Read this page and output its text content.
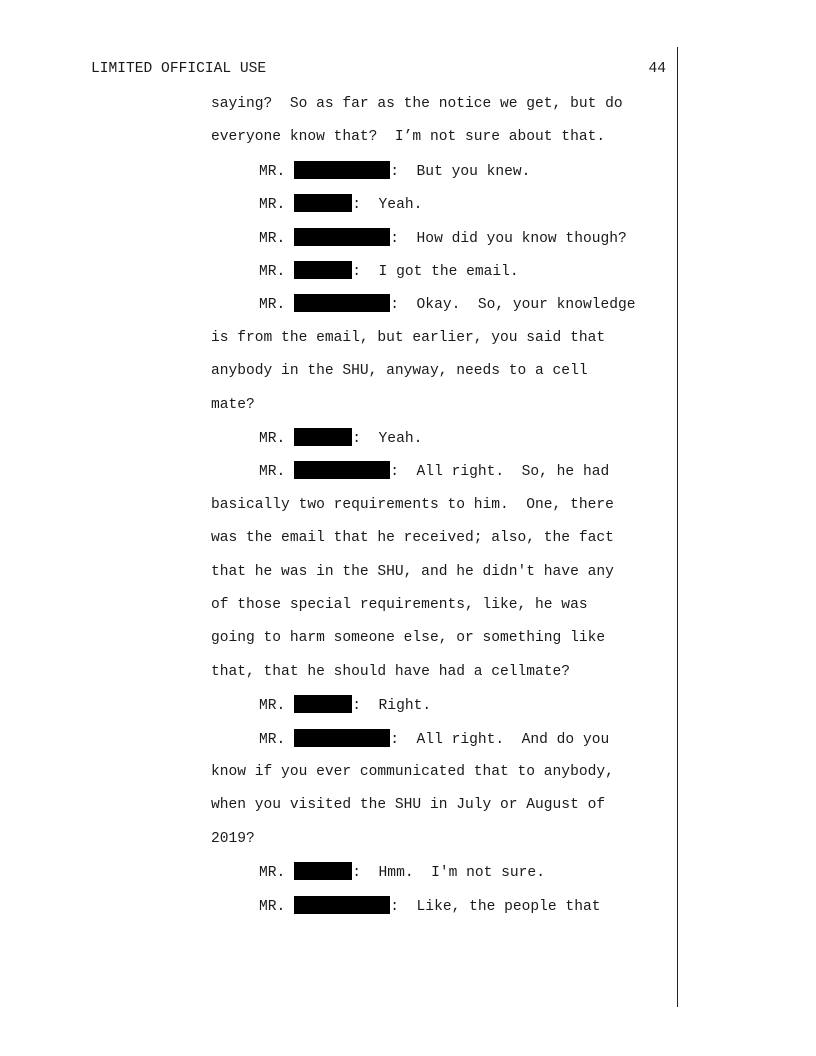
LIMITED OFFICIAL USE	44
saying?  So as far as the notice we get, but do
everyone know that?  I’m not sure about that.
MR.	:  But you knew.
MR.	:  Yeah.
MR.	:  How did you know though?
MR.	:  I got the email.
MR.	:  Okay.  So, your knowledge
is from the email, but earlier, you said that
anybody in the SHU, anyway, needs to a cell
mate?
MR.	:  Yeah.
MR.	:  All right.  So, he had
basically two requirements to him.  One, there
was the email that he received; also, the fact
that he was in the SHU, and he didn't have any
of those special requirements, like, he was
going to harm someone else, or something like
that, that he should have had a cellmate?
MR.	:  Right.
MR.	:  All right.  And do you
know if you ever communicated that to anybody,
when you visited the SHU in July or August of
2019?
MR.	:  Hmm.  I'm not sure.
MR.	:  Like, the people that
